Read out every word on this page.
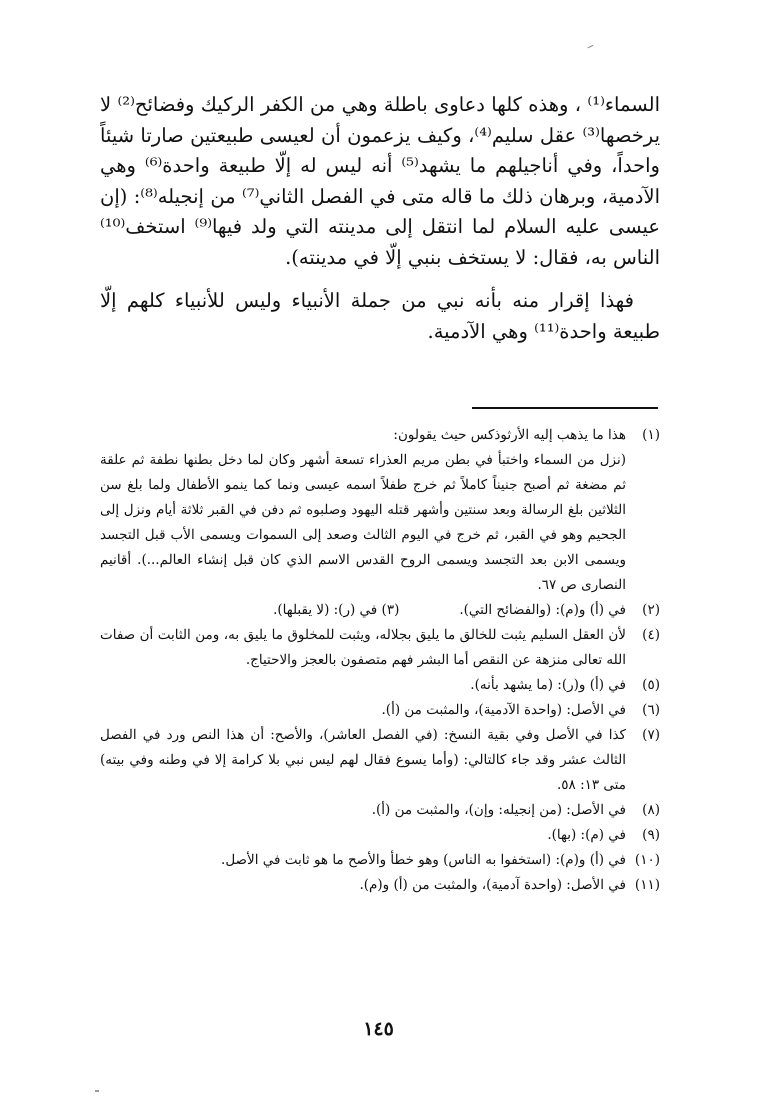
السماء⁽¹⁾ ، وهذه كلها دعاوى باطلة وهي من الكفر الركيك وفضائح⁽²⁾ لا يرخصها⁽³⁾ عقل سليم⁽⁴⁾، وكيف يزعمون أن لعيسى طبيعتين صارتا شيئاً واحداً، وفي أناجيلهم ما يشهد⁽⁵⁾ أنه ليس له إلّا طبيعة واحدة⁽⁶⁾ وهي الآدمية، وبرهان ذلك ما قاله متى في الفصل الثاني⁽⁷⁾ من إنجيله⁽⁸⁾: (إن عيسى عليه السلام لما انتقل إلى مدينته التي ولد فيها⁽⁹⁾ استخف⁽¹⁰⁾ الناس به، فقال: لا يستخف بنبي إلّا في مدينته).

فهذا إقرار منه بأنه نبي من جملة الأنبياء وليس للأنبياء كلهم إلّا طبيعة واحدة⁽¹¹⁾ وهي الآدمية.

(١)
هذا ما يذهب إليه الأرثوذكس حيث يقولون:
(نزل من السماء واختبأ في بطن مريم العذراء تسعة أشهر وكان لما دخل بطنها نطفة ثم علقة ثم مضغة ثم أصبح جنيناً كاملاً ثم خرج طفلاً اسمه عيسى ونما كما ينمو الأطفال ولما بلغ سن الثلاثين بلغ الرسالة وبعد سنتين وأشهر قتله اليهود وصلبوه ثم دفن في القبر ثلاثة أيام ونزل إلى الجحيم وهو في القبر، ثم خرج في اليوم الثالث وصعد إلى السموات ويسمى الأب قبل التجسد ويسمى الابن بعد التجسد ويسمى الروح القدس الاسم الذي كان قبل إنشاء العالم...). أقانيم النصارى ص ٦٧.
(٢)
في (أ) و(م): (والفضائح التي).
(٣) في (ر): (لا يقبلها).
(٤)
لأن العقل السليم يثبت للخالق ما يليق بجلاله، ويثبت للمخلوق ما يليق به، ومن الثابت أن صفات الله تعالى منزهة عن النقص أما البشر فهم متصفون بالعجز والاحتياج.
(٥)
في (أ) و(ر): (ما يشهد بأنه).
(٦)
في الأصل: (واحدة الآدمية)، والمثبت من (أ).
(٧)
كذا في الأصل وفي بقية النسخ: (في الفصل العاشر)، والأصح: أن هذا النص ورد في الفصل الثالث عشر وقد جاء كالتالي: (وأما يسوع فقال لهم ليس نبي بلا كرامة إلا في وطنه وفي بيته) متى ١٣: ٥٨.
(٨)
في الأصل: (من إنجيله: وإن)، والمثبت من (أ).
(٩)
في (م): (بها).
(١٠)
في (أ) و(م): (استخفوا به الناس) وهو خطأ والأصح ما هو ثابت في الأصل.
(١١)
في الأصل: (واحدة آدمية)، والمثبت من (أ) و(م).
١٤٥
